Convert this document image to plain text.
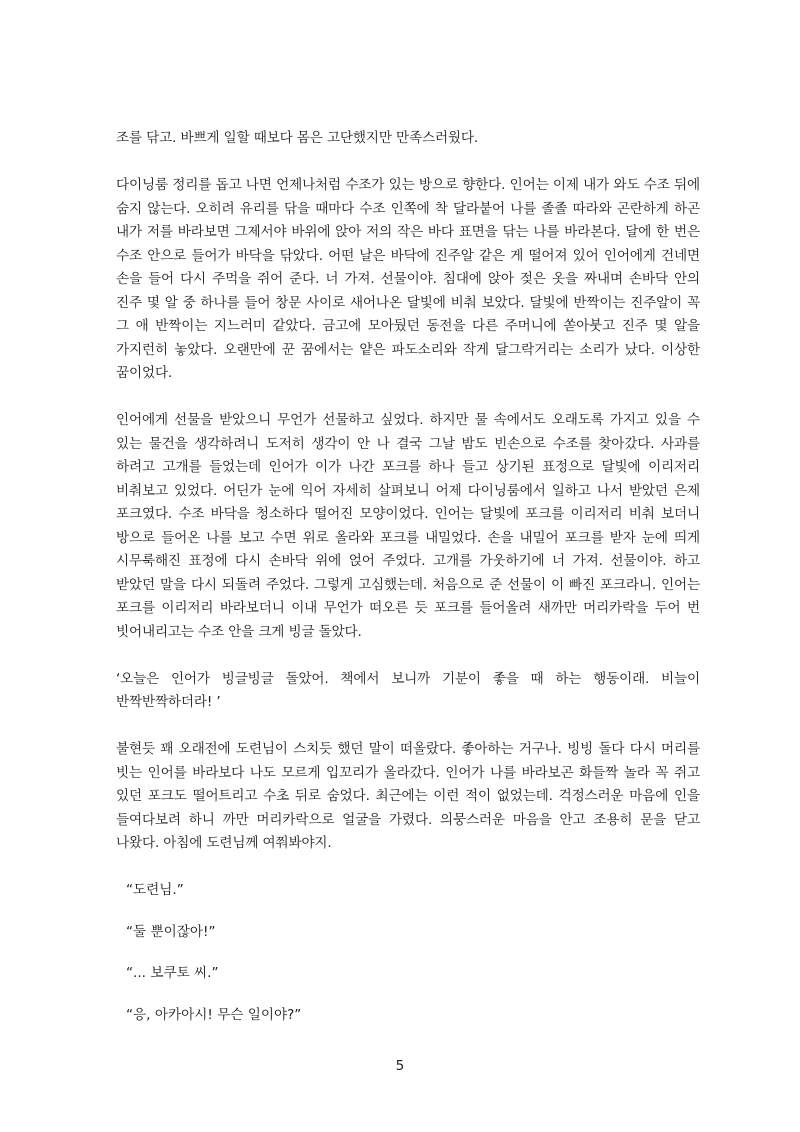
조를 닦고. 바쁘게 일할 때보다 몸은 고단했지만 만족스러웠다.

다이닝룸 정리를 돕고 나면 언제나처럼 수조가 있는 방으로 향한다. 인어는 이제 내가 와도 수조 뒤에 숨지 않는다. 오히려 유리를 닦을 때마다 수조 인쪽에 착 달라붙어 나를 졸졸 따라와 곤란하게 하곤 내가 저를 바라보면 그제서야 바위에 앉아 저의 작은 바다 표면을 닦는 나를 바라본다. 달에 한 번은 수조 안으로 들어가 바닥을 닦았다. 어떤 날은 바닥에 진주알 같은 게 떨어져 있어 인어에게 건네면 손을 들어 다시 주먹을 쥐어 준다. 너 가져. 선물이야. 침대에 앉아 젖은 옷을 짜내며 손바닥 안의 진주 몇 알 중 하나를 들어 창문 사이로 새어나온 달빛에 비춰 보았다. 달빛에 반짝이는 진주알이 꼭 그 애 반짝이는 지느러미 같았다. 금고에 모아뒀던 동전을 다른 주머니에 쏟아붓고 진주 몇 알을 가지런히 놓았다. 오랜만에 꾼 꿈에서는 얕은 파도소리와 작게 달그락거리는 소리가 났다. 이상한 꿈이었다.

인어에게 선물을 받았으니 무언가 선물하고 싶었다. 하지만 물 속에서도 오래도록 가지고 있을 수 있는 물건을 생각하려니 도저히 생각이 안 나 결국 그날 밤도 빈손으로 수조를 찾아갔다. 사과를 하려고 고개를 들었는데 인어가 이가 나간 포크를 하나 들고 상기된 표정으로 달빛에 이리저리 비춰보고 있었다. 어딘가 눈에 익어 자세히 살펴보니 어제 다이닝룸에서 일하고 나서 받았던 은제 포크였다. 수조 바닥을 청소하다 떨어진 모양이었다. 인어는 달빛에 포크를 이리저리 비춰 보더니 방으로 들어온 나를 보고 수면 위로 올라와 포크를 내밀었다. 손을 내밀어 포크를 받자 눈에 띄게 시무룩해진 표정에 다시 손바닥 위에 얹어 주었다. 고개를 가웃하기에 너 가져. 선물이야. 하고 받았던 말을 다시 되돌려 주었다. 그렇게 고심했는데. 처음으로 준 선물이 이 빠진 포크라니. 인어는 포크를 이리저리 바라보더니 이내 무언가 떠오른 듯 포크를 들어올려 새까만 머리카락을 두어 번 빗어내리고는 수조 안을 크게 빙글 돌았다.

‘오늘은 인어가 빙글빙글 돌았어. 책에서 보니까 기분이 좋을 때 하는 행동이래. 비늘이 반짝반짝하더라! ’

불현듯 꽤 오래전에 도련님이 스치듯 했던 말이 떠올랐다. 좋아하는 거구나. 빙빙 돌다 다시 머리를 빗는 인어를 바라보다 나도 모르게 입꼬리가 올라갔다. 인어가 나를 바라보곤 화들짝 놀라 꼭 쥐고 있던 포크도 떨어트리고 수초 뒤로 숨었다. 최근에는 이런 적이 없었는데. 걱정스러운 마음에 인을 들여다보려 하니 까만 머리카락으로 얼굴을 가렸다. 의뭉스러운 마음을 안고 조용히 문을 닫고 나왔다. 아침에 도련님께 여쭤봐야지.

“도련님.”

“둘 뿐이잖아!”

“... 보쿠토 씨.”

“응, 아카아시! 무슨 일이야?”

5
